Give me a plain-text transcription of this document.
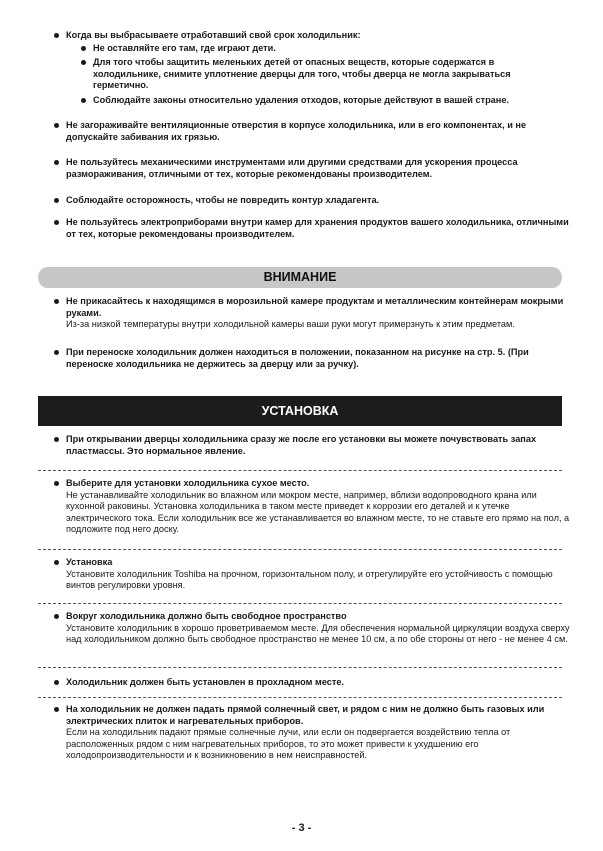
Когда вы выбрасываете отработавший свой срок холодильник:
Не оставляйте его там, где играют дети.
Для того чтобы защитить меленьких детей от опасных веществ, которые содержатся в холодильнике, снимите уплотнение дверцы для того, чтобы дверца не могла закрываться герметично.
Соблюдайте законы относительно удаления отходов, которые действуют в вашей стране.
Не загораживайте вентиляционные отверстия в корпусе холодильника, или в его компонентах, и не допускайте забивания их грязью.
Не пользуйтесь механическими инструментами или другими средствами для ускорения процесса размораживания, отличными от тех, которые рекомендованы производителем.
Соблюдайте осторожность, чтобы не повредить контур хладагента.
Не пользуйтесь электроприборами внутри камер для хранения продуктов вашего холодильника, отличными от тех, которые рекомендованы производителем.
ВНИМАНИЕ
Не прикасайтесь к находящимся в морозильной камере продуктам и металлическим контейнерам мокрыми руками.
Из-за низкой температуры внутри холодильной камеры ваши руки могут примерзнуть к этим предметам.
При переноске холодильник должен находиться в положении, показанном на рисунке на стр. 5. (При переноске холодильника не держитесь за дверцу или за ручку).
УСТАНОВКА
При открывании дверцы холодильника сразу же после его установки вы можете почувствовать запах пластмассы. Это нормальное явление.
Выберите для установки холодильника сухое место.
Не устанавливайте холодильник во влажном или мокром месте, например, вблизи водопроводного крана или кухонной раковины. Установка холодильника в таком месте приведет к коррозии его деталей и к утечке электрического тока. Если холодильник все же устанавливается во влажном месте, то не ставьте его прямо на пол, а подложите под него доску.
Установка
Установите холодильник Toshiba на прочном, горизонтальном полу, и отрегулируйте его устойчивость с помощью винтов регулировки уровня.
Вокруг холодильника должно быть свободное пространство
Установите холодильник в хорошо проветриваемом месте. Для обеспечения нормальной циркуляции воздуха сверху над холодильником должно быть свободное пространство не менее 10 см, а по обе стороны от него - не менее 4 см.
Холодильник должен быть установлен в прохладном месте.
На холодильник не должен падать прямой солнечный свет, и рядом с ним не должно быть газовых или электрических плиток и нагревательных приборов.
Если на холодильник падают прямые солнечные лучи, или если он подвергается воздействию тепла от расположенных рядом с ним нагревательных приборов, то это может привести к ухудшению его холодопроизводительности и к возникновению в нем неисправностей.
- 3 -
